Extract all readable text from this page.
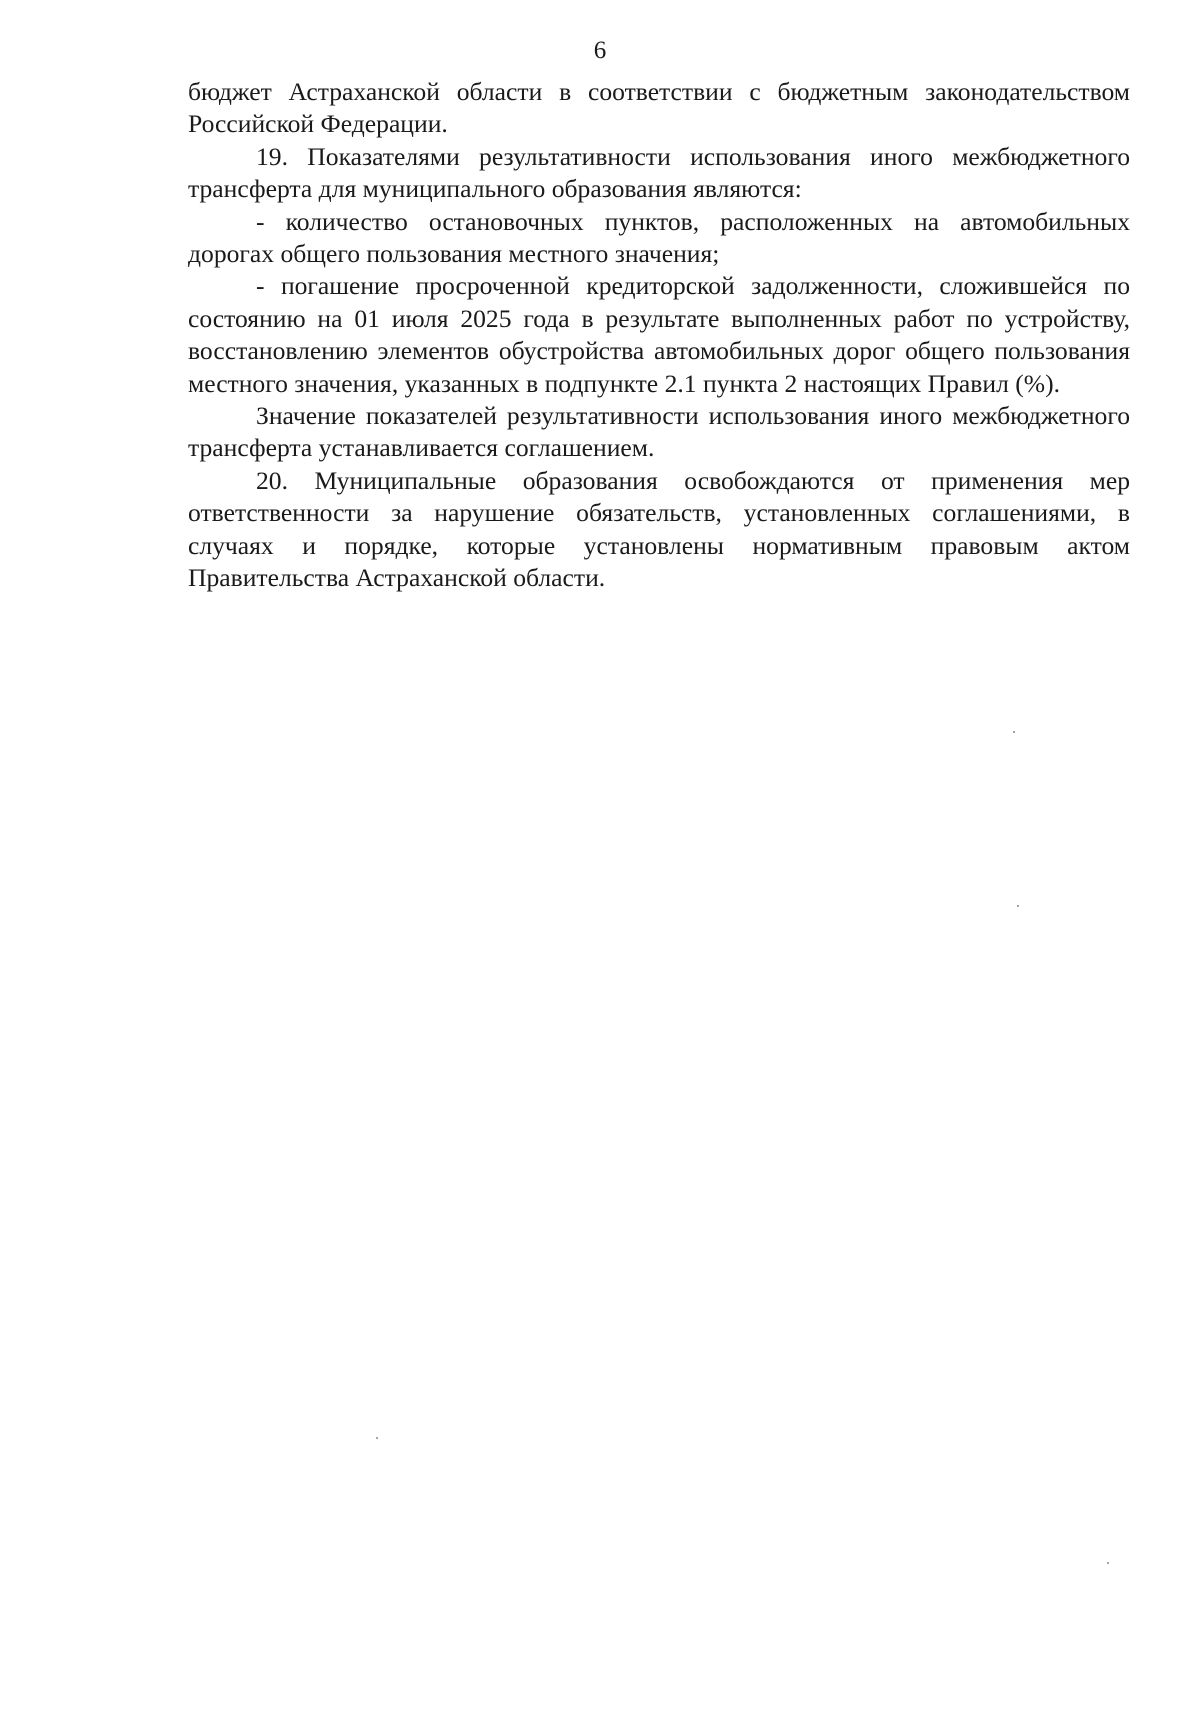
6

бюджет Астраханской области в соответствии с бюджетным законодательством Российской Федерации.

19. Показателями результативности использования иного межбюджетного трансферта для муниципального образования являются:

- количество остановочных пунктов, расположенных на автомобильных дорогах общего пользования местного значения;

- погашение просроченной кредиторской задолженности, сложившейся по состоянию на 01 июля 2025 года в результате выполненных работ по устройству, восстановлению элементов обустройства автомобильных дорог общего пользования местного значения, указанных в подпункте 2.1 пункта 2 настоящих Правил (%).

Значение показателей результативности использования иного межбюджетного трансферта устанавливается соглашением.

20. Муниципальные образования освобождаются от применения мер ответственности за нарушение обязательств, установленных соглашениями, в случаях и порядке, которые установлены нормативным правовым актом Правительства Астраханской области.
